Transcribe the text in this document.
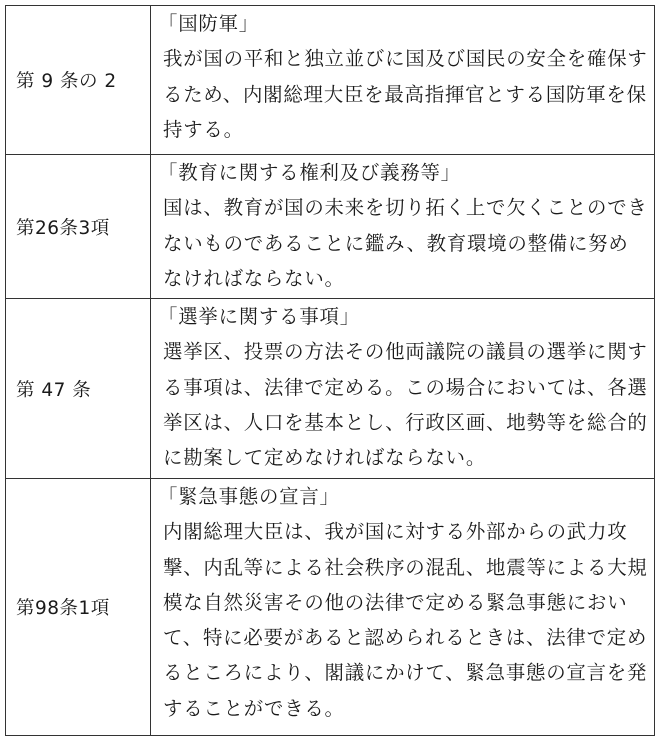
第 9 条の 2	「国防軍」
我が国の平和と独立並びに国及び国民の安全を確保するため、内閣総理大臣を最高指揮官とする国防軍を保持する。

第26条3項	「教育に関する権利及び義務等」
国は、教育が国の未来を切り拓く上で欠くことのできないものであることに鑑み、教育環境の整備に努めなければならない。

第 47 条	「選挙に関する事項」
選挙区、投票の方法その他両議院の議員の選挙に関する事項は、法律で定める。この場合においては、各選挙区は、人口を基本とし、行政区画、地勢等を総合的に勘案して定めなければならない。

第98条1項	「緊急事態の宣言」
内閣総理大臣は、我が国に対する外部からの武力攻撃、内乱等による社会秩序の混乱、地震等による大規模な自然災害その他の法律で定める緊急事態において、特に必要があると認められるときは、法律で定めるところにより、閣議にかけて、緊急事態の宣言を発することができる。
